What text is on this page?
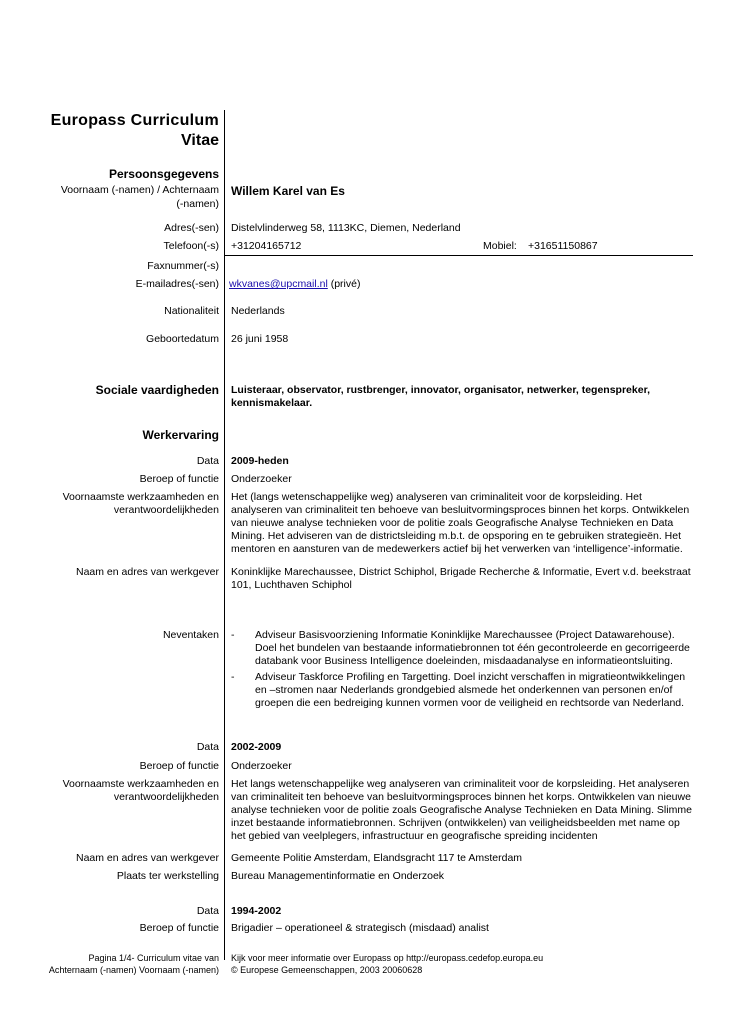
Europass Curriculum
Vitae
Persoonsgegevens
Voornaam (-namen) / Achternaam
(-namen)
Willem Karel van Es
Adres(-sen) Distelvlinderweg 58, 1113KC, Diemen, Nederland
Telefoon(-s) +31204165712	Mobiel: +31651150867
Faxnummer(-s)
E-mailadres(-sen) wkvanes@upcmail.nl (privé)
Nationaliteit Nederlands
Geboortedatum 26 juni 1958
Sociale vaardigheden Luisteraar, observator, rustbrenger, innovator, organisator, netwerker, tegenspreker, kennismakelaar.
Werkervaring
Data 2009-heden
Beroep of functie Onderzoeker
Voornaamste werkzaamheden en
verantwoordelijkheden
Het (langs wetenschappelijke weg) analyseren van criminaliteit voor de korpsleiding. Het analyseren van criminaliteit ten behoeve van besluitvormingsproces binnen het korps. Ontwikkelen van nieuwe analyse technieken voor de politie zoals Geografische Analyse Technieken en Data Mining. Het adviseren van de districtsleiding m.b.t. de opsporing en te gebruiken strategieën. Het mentoren en aansturen van de medewerkers actief bij het verwerken van ‘intelligence’-informatie.
Naam en adres van werkgever Koninklijke Marechaussee, District Schiphol, Brigade Recherche & Informatie, Evert v.d. beekstraat 101, Luchthaven Schiphol
Neventaken - Adviseur Basisvoorziening Informatie Koninklijke Marechaussee (Project Datawarehouse). Doel het bundelen van bestaande informatiebronnen tot één gecontroleerde en gecorrigeerde databank voor Business Intelligence doeleinden, misdaadanalyse en informatieontsluiting.
- Adviseur Taskforce Profiling en Targetting. Doel inzicht verschaffen in migratieontwikkelingen en –stromen naar Nederlands grondgebied alsmede het onderkennen van personen en/of groepen die een bedreiging kunnen vormen voor de veiligheid en rechtsorde van Nederland.
Data 2002-2009
Beroep of functie Onderzoeker
Voornaamste werkzaamheden en
verantwoordelijkheden
Het langs wetenschappelijke weg analyseren van criminaliteit voor de korpsleiding. Het analyseren van criminaliteit ten behoeve van besluitvormingsproces binnen het korps. Ontwikkelen van nieuwe analyse technieken voor de politie zoals Geografische Analyse Technieken en Data Mining. Slimme inzet bestaande informatiebronnen. Schrijven (ontwikkelen) van veiligheidsbeelden met name op het gebied van veelplegers, infrastructuur en geografische spreiding incidenten
Naam en adres van werkgever Gemeente Politie Amsterdam, Elandsgracht 117 te Amsterdam
Plaats ter werkstelling Bureau Managementinformatie en Onderzoek
Data 1994-2002
Beroep of functie Brigadier – operationeel & strategisch (misdaad) analist
Pagina 1/4- Curriculum vitae van
Achternaam (-namen) Voornaam (-namen)
Kijk voor meer informatie over Europass op http://europass.cedefop.europa.eu
© Europese Gemeenschappen, 2003 20060628
